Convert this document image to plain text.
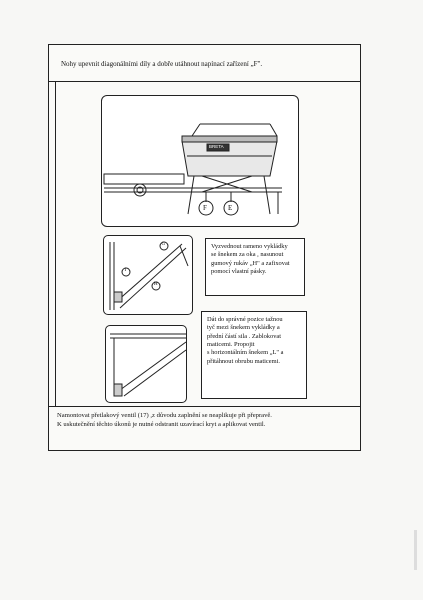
Nohy upevnit diagonálními díly a dobře utáhnout napínací zařízení „F".
BRETA
F	E
G
I
H
Vyzvednout rameno vykládky
se šnekem za oka , nasunout
gumový rukáv „H" a zafixovat
pomocí vlastní pásky.
Dát do správné pozice tažnou
tyč mezi šnekem vykládky a
přední částí sila . Zablokovat
maticemi. Propojit
s horizontálním šnekem „L" a
přitáhnout obrubu maticemi.
Namontovat přetlakový ventil (17) ,z důvodu zaplnění se neaplikuje při přepravě.
K uskutečnění těchto úkonů je nutné odstranit uzavírací kryt a aplikovat ventil.
